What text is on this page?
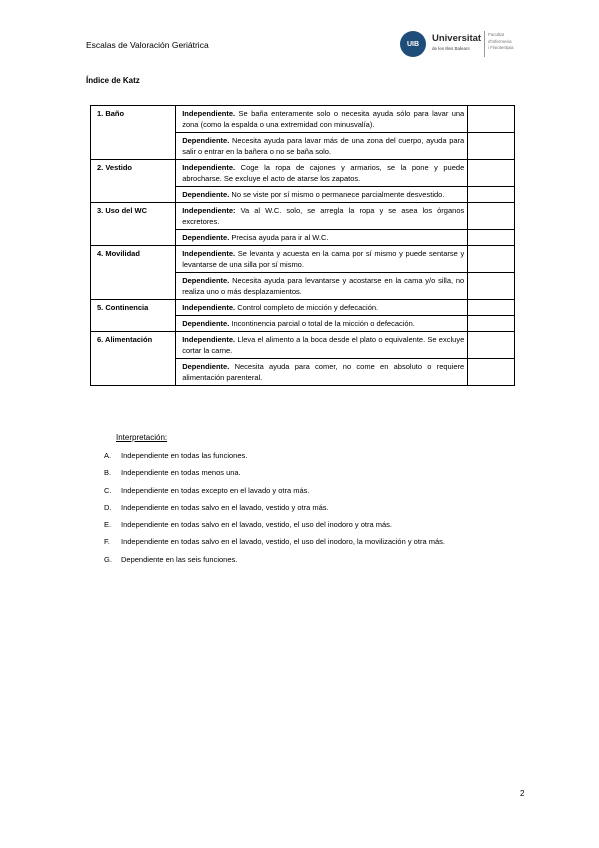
Escalas de Valoración Geriátrica	UIB	Universitat
de les Illes Balears
Facultat
d'Infermeria
i Fisioteràpia
Índice de Katz
1. Baño	Independiente. Se baña enteramente solo o necesita ayuda sólo para lavar una zona (como la espalda o una extremidad con minusvalía).	
	Dependiente. Necesita ayuda para lavar más de una zona del cuerpo, ayuda para salir o entrar en la bañera o no se baña solo.	
2. Vestido	Independiente. Coge la ropa de cajones y armarios, se la pone y puede abrocharse. Se excluye el acto de atarse los zapatos.	
	Dependiente. No se viste por sí mismo o permanece parcialmente desvestido.	
3. Uso del WC	Independiente: Va al W.C. solo, se arregla la ropa y se asea los órganos excretores.	
	Dependiente. Precisa ayuda para ir al W.C.	
4. Movilidad	Independiente. Se levanta y acuesta en la cama por sí mismo y puede sentarse y levantarse de una silla por sí mismo.	
	Dependiente. Necesita ayuda para levantarse y acostarse en la cama y/o silla, no realiza uno o más desplazamientos.	
5. Continencia	Independiente. Control completo de micción y defecación.	
	Dependiente. Incontinencia parcial o total de la micción o defecación.	
6. Alimentación	Independiente. Lleva el alimento a la boca desde el plato o equivalente. Se excluye cortar la carne.	
	Dependiente. Necesita ayuda para comer, no come en absoluto o requiere alimentación parenteral.	
Interpretación:
A. Independiente en todas las funciones.
B. Independiente en todas menos una.
C. Independiente en todas excepto en el lavado y otra más.
D. Independiente en todas salvo en el lavado, vestido y otra más.
E. Independiente en todas salvo en el lavado, vestido, el uso del inodoro y otra más.
F. Independiente en todas salvo en el lavado, vestido, el uso del inodoro, la movilización y otra más.
G. Dependiente en las seis funciones.
2
